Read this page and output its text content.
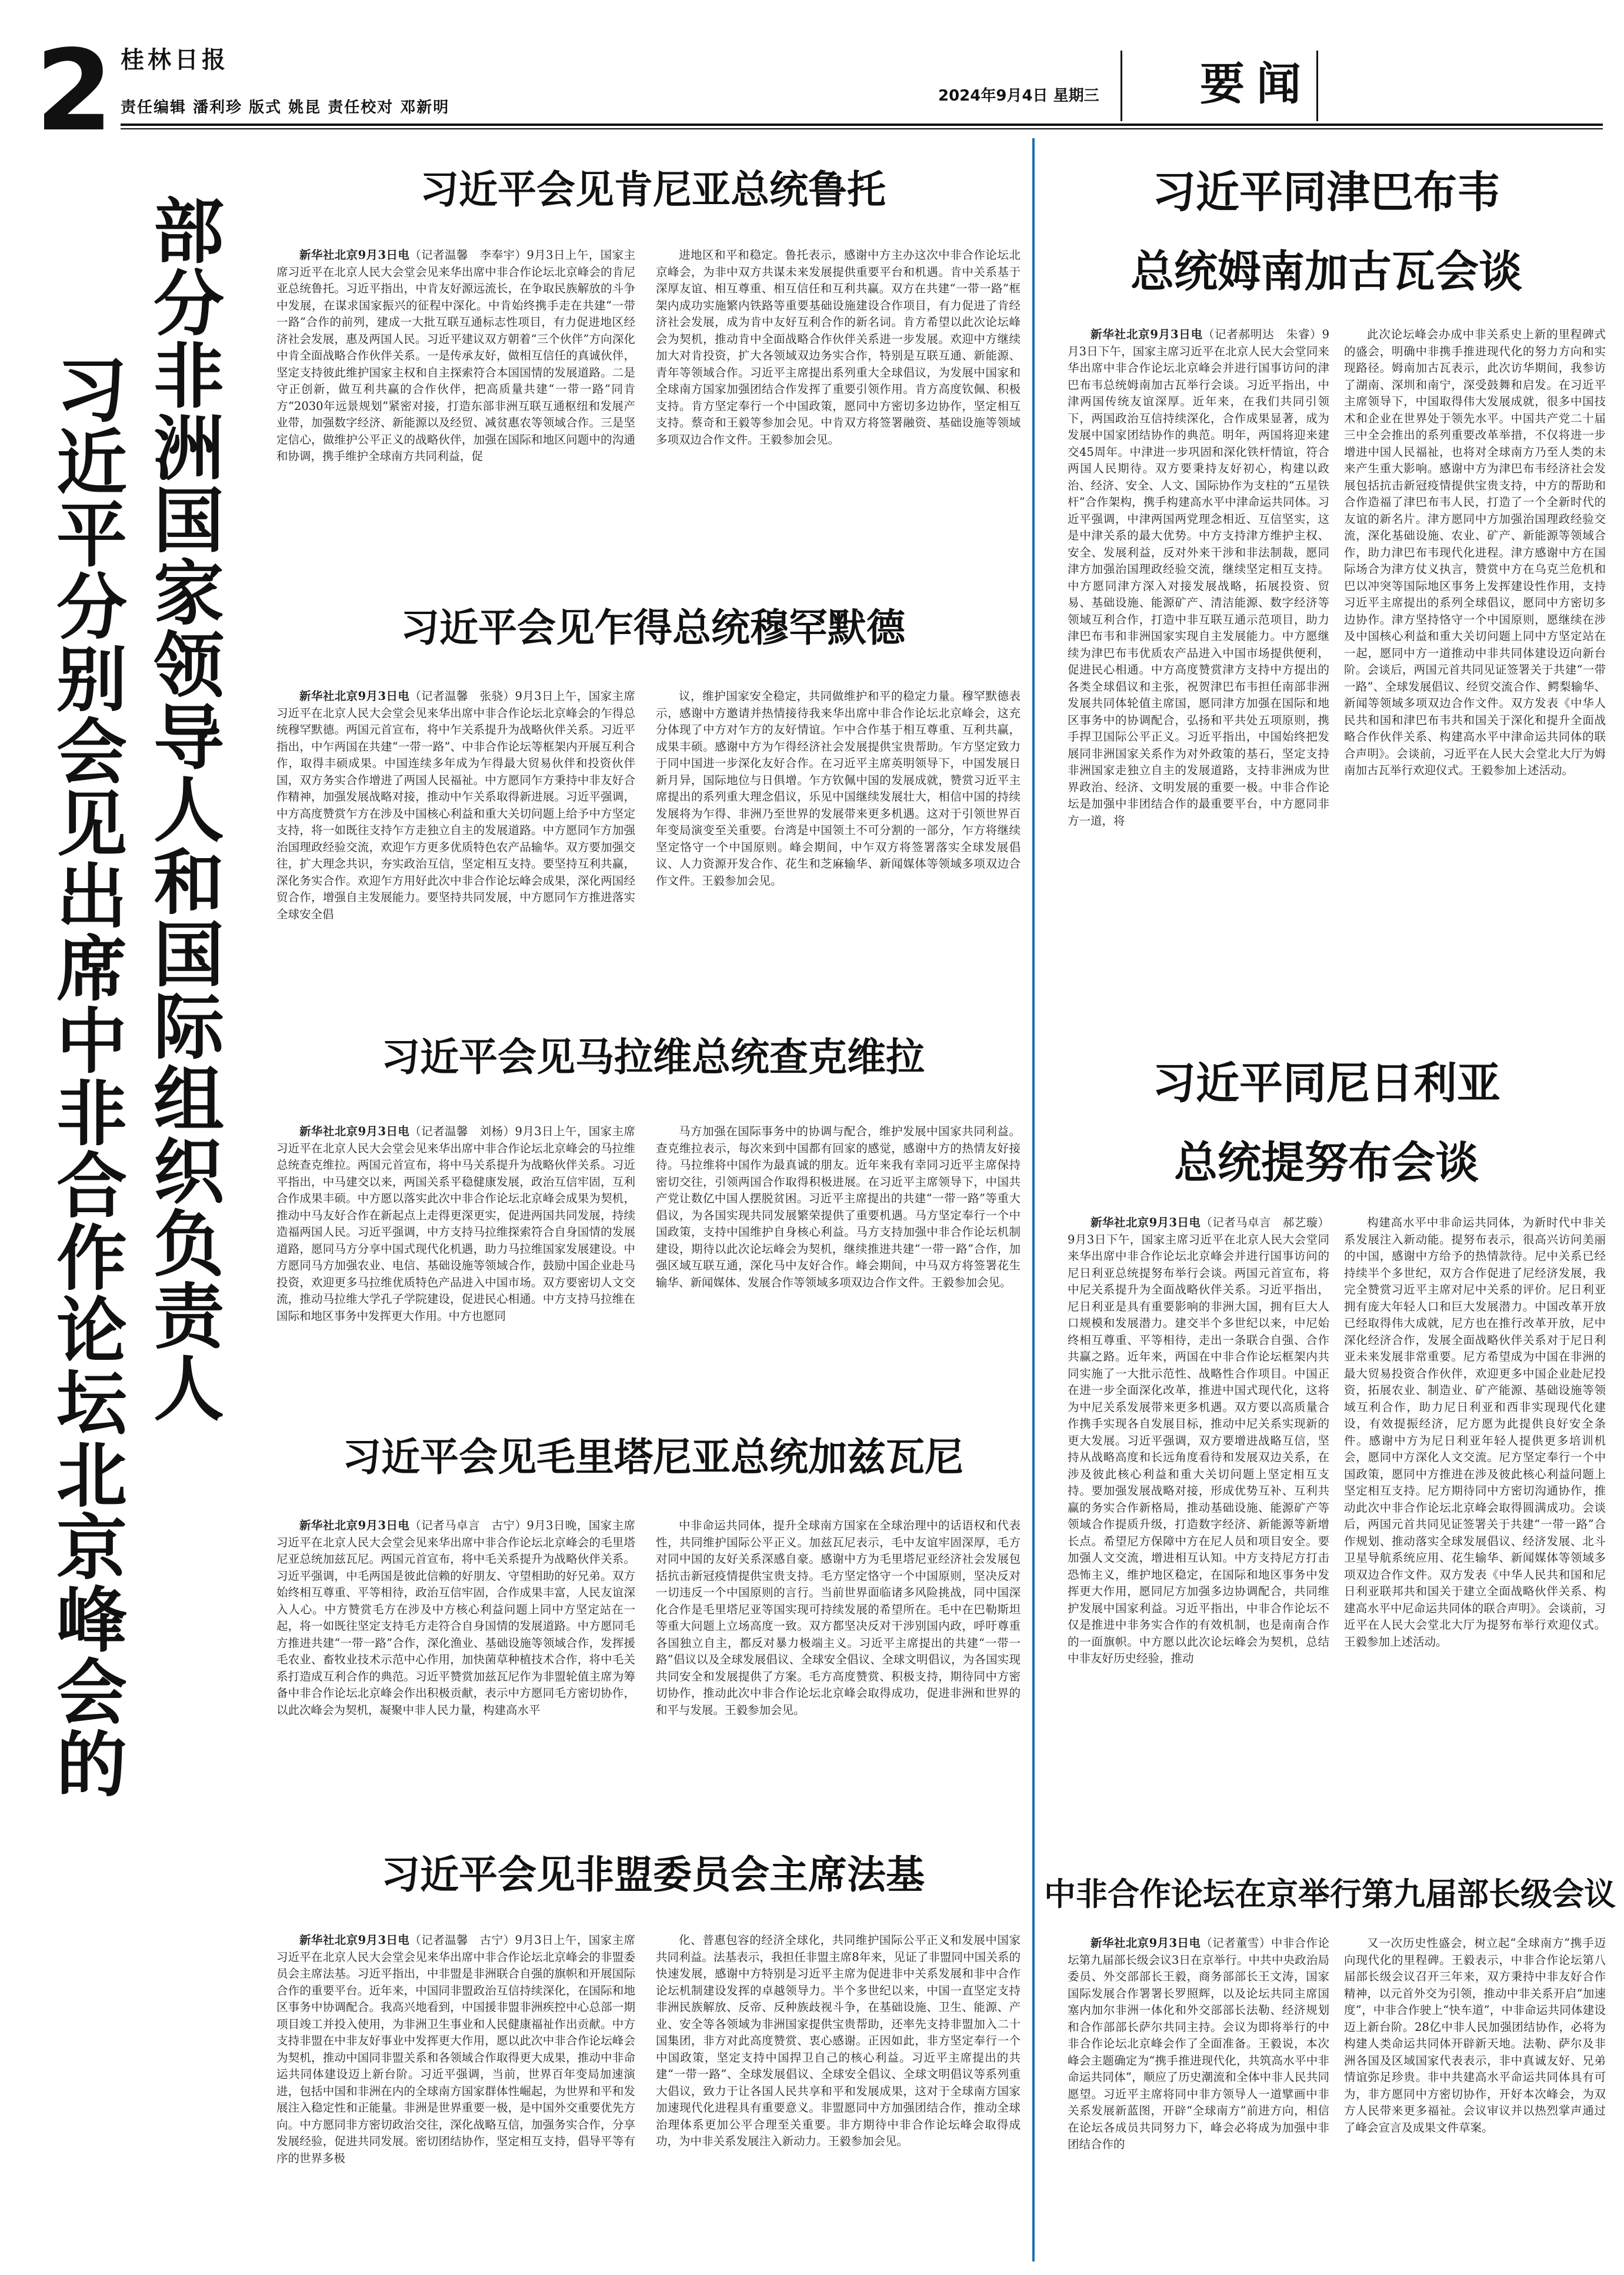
2 桂林日报
责任编辑 潘利珍 版式 姚昆 责任校对 邓新明
2024年9月4日 星期三 要闻
习近平分别会见出席中非合作论坛北京峰会的 部分非洲国家领导人和国际组织负责人
习近平会见肯尼亚总统鲁托
新华社北京9月3日电（记者温馨　李奉宇）9月3日上午，国家主席习近平在北京人民大会堂会见来华出席中非合作论坛北京峰会的肯尼亚总统鲁托。习近平指出，中肯友好源远流长，在争取民族解放的斗争中发展，在谋求国家振兴的征程中深化。中肯始终携手走在共建“一带一路”合作的前列，建成一大批互联互通标志性项目，有力促进地区经济社会发展，惠及两国人民。习近平建议双方朝着“三个伙伴”方向深化中肯全面战略合作伙伴关系。一是传承友好，做相互信任的真诚伙伴，坚定支持彼此维护国家主权和自主探索符合本国国情的发展道路。二是守正创新，做互利共赢的合作伙伴，把高质量共建“一带一路”同肯方“2030年远景规划”紧密对接，打造东部非洲互联互通枢纽和发展产业带，加强数字经济、新能源以及经贸、减贫惠农等领域合作。三是坚定信心，做维护公平正义的战略伙伴，加强在国际和地区问题中的沟通和协调，携手维护全球南方共同利益，促
进地区和平和稳定。鲁托表示，感谢中方主办这次中非合作论坛北京峰会，为非中双方共谋未来发展提供重要平台和机遇。肯中关系基于深厚友谊、相互尊重、相互信任和互利共赢。双方在共建“一带一路”框架内成功实施繁内铁路等重要基础设施建设合作项目，有力促进了肯经济社会发展，成为肯中友好互利合作的新名词。肯方希望以此次论坛峰会为契机，推动肯中全面战略合作伙伴关系进一步发展。欢迎中方继续加大对肯投资，扩大各领域双边务实合作，特别是互联互通、新能源、青年等领域合作。习近平主席提出系列重大全球倡议，为发展中国家和全球南方国家加强团结合作发挥了重要引领作用。肯方高度钦佩、积极支持。肯方坚定奉行一个中国政策，愿同中方密切多边协作，坚定相互支持。蔡奇和王毅等参加会见。中肯双方将签署融资、基础设施等领域多项双边合作文件。王毅参加会见。
习近平会见乍得总统穆罕默德
新华社北京9月3日电（记者温馨　张骁）9月3日上午，国家主席习近平在北京人民大会堂会见来华出席中非合作论坛北京峰会的乍得总统穆罕默德。两国元首宣布，将中乍关系提升为战略伙伴关系。习近平指出，中乍两国在共建“一带一路”、中非合作论坛等框架内开展互利合作，取得丰硕成果。中国连续多年成为乍得最大贸易伙伴和投资伙伴国，双方务实合作增进了两国人民福祉。中方愿同乍方秉持中非友好合作精神，加强发展战略对接，推动中乍关系取得新进展。习近平强调，中方高度赞赏乍方在涉及中国核心利益和重大关切问题上给予中方坚定支持，将一如既往支持乍方走独立自主的发展道路。中方愿同乍方加强治国理政经验交流，欢迎乍方更多优质特色农产品输华。双方要加强交往，扩大理念共识，夯实政治互信，坚定相互支持。要坚持互利共赢，深化务实合作。欢迎乍方用好此次中非合作论坛峰会成果，深化两国经贸合作，增强自主发展能力。要坚持共同发展，中方愿同乍方推进落实全球安全倡
议，维护国家安全稳定，共同做维护和平的稳定力量。穆罕默德表示，感谢中方邀请并热情接待我来华出席中非合作论坛北京峰会，这充分体现了中方对乍方的友好情谊。乍中合作基于相互尊重、互利共赢，成果丰硕。感谢中方为乍得经济社会发展提供宝贵帮助。乍方坚定致力于同中国进一步深化友好合作。在习近平主席英明领导下，中国发展日新月异，国际地位与日俱增。乍方钦佩中国的发展成就，赞赏习近平主席提出的系列重大理念倡议，乐见中国继续发展壮大，相信中国的持续发展将为乍得、非洲乃至世界的发展带来更多机遇。这对于引领世界百年变局演变至关重要。台湾是中国领土不可分割的一部分，乍方将继续坚定恪守一个中国原则。峰会期间，中乍双方将签署落实全球发展倡议、人力资源开发合作、花生和芝麻输华、新闻媒体等领域多项双边合作文件。王毅参加会见。
习近平会见马拉维总统查克维拉
新华社北京9月3日电（记者温馨　刘杨）9月3日上午，国家主席习近平在北京人民大会堂会见来华出席中非合作论坛北京峰会的马拉维总统查克维拉。两国元首宣布，将中马关系提升为战略伙伴关系。习近平指出，中马建交以来，两国关系平稳健康发展，政治互信牢固，互利合作成果丰硕。中方愿以落实此次中非合作论坛北京峰会成果为契机，推动中马友好合作在新起点上走得更深更实，促进两国共同发展，持续造福两国人民。习近平强调，中方支持马拉维探索符合自身国情的发展道路，愿同马方分享中国式现代化机遇，助力马拉维国家发展建设。中方愿同马方加强农业、电信、基础设施等领域合作，鼓励中国企业赴马投资，欢迎更多马拉维优质特色产品进入中国市场。双方要密切人文交流，推动马拉维大学孔子学院建设，促进民心相通。中方支持马拉维在国际和地区事务中发挥更大作用。中方也愿同
马方加强在国际事务中的协调与配合，维护发展中国家共同利益。查克维拉表示，每次来到中国都有回家的感觉，感谢中方的热情友好接待。马拉维将中国作为最真诚的朋友。近年来我有幸同习近平主席保持密切交往，引领两国合作取得积极进展。在习近平主席领导下，中国共产党让数亿中国人摆脱贫困。习近平主席提出的共建“一带一路”等重大倡议，为各国实现共同发展繁荣提供了重要机遇。马方坚定奉行一个中国政策，支持中国维护自身核心利益。马方支持加强中非合作论坛机制建设，期待以此次论坛峰会为契机，继续推进共建“一带一路”合作，加强区域互联互通，深化马中友好合作。峰会期间，中马双方将签署花生输华、新闻媒体、发展合作等领域多项双边合作文件。王毅参加会见。
习近平会见毛里塔尼亚总统加兹瓦尼
新华社北京9月3日电（记者马卓言　古宁）9月3日晚，国家主席习近平在北京人民大会堂会见来华出席中非合作论坛北京峰会的毛里塔尼亚总统加兹瓦尼。两国元首宣布，将中毛关系提升为战略伙伴关系。习近平强调，中毛两国是彼此信赖的好朋友、守望相助的好兄弟。双方始终相互尊重、平等相待，政治互信牢固，合作成果丰富，人民友谊深入人心。中方赞赏毛方在涉及中方核心利益问题上同中方坚定站在一起，将一如既往坚定支持毛方走符合自身国情的发展道路。中方愿同毛方推进共建“一带一路”合作，深化渔业、基础设施等领域合作，发挥援毛农业、畜牧业技术示范中心作用，加快菌草种植技术合作，将中毛关系打造成互利合作的典范。习近平赞赏加兹瓦尼作为非盟轮值主席为筹备中非合作论坛北京峰会作出积极贡献，表示中方愿同毛方密切协作，以此次峰会为契机，凝聚中非人民力量，构建高水平
中非命运共同体，提升全球南方国家在全球治理中的话语权和代表性，共同维护国际公平正义。加兹瓦尼表示，毛中友谊牢固深厚，毛方对同中国的友好关系深感自豪。感谢中方为毛里塔尼亚经济社会发展包括抗击新冠疫情提供宝贵支持。毛方坚定恪守一个中国原则，坚决反对一切违反一个中国原则的言行。当前世界面临诸多风险挑战，同中国深化合作是毛里塔尼亚等国实现可持续发展的希望所在。毛中在巴勒斯坦等重大问题上立场高度一致。双方都坚决反对干涉别国内政，呼吁尊重各国独立自主，都反对暴力极端主义。习近平主席提出的共建“一带一路”倡议以及全球发展倡议、全球安全倡议、全球文明倡议，为各国实现共同安全和发展提供了方案。毛方高度赞赏、积极支持，期待同中方密切协作，推动此次中非合作论坛北京峰会取得成功，促进非洲和世界的和平与发展。王毅参加会见。
习近平会见非盟委员会主席法基
新华社北京9月3日电（记者温馨　古宁）9月3日上午，国家主席习近平在北京人民大会堂会见来华出席中非合作论坛北京峰会的非盟委员会主席法基。习近平指出，中非盟是非洲联合自强的旗帜和开展国际合作的重要平台。近年来，中国同非盟政治互信持续深化，在国际和地区事务中协调配合。我高兴地看到，中国援非盟非洲疾控中心总部一期项目竣工并投入使用，为非洲卫生事业和人民健康福祉作出贡献。中方支持非盟在中非友好事业中发挥更大作用，愿以此次中非合作论坛峰会为契机，推动中国同非盟关系和各领域合作取得更大成果，推动中非命运共同体建设迈上新台阶。习近平强调，当前，世界百年变局加速演进，包括中国和非洲在内的全球南方国家群体性崛起，为世界和平和发展注入稳定性和正能量。非洲是世界重要一极，是中国外交重要优先方向。中方愿同非方密切政治交往，深化战略互信，加强务实合作，分享发展经验，促进共同发展。密切团结协作，坚定相互支持，倡导平等有序的世界多极
化、普惠包容的经济全球化，共同维护国际公平正义和发展中国家共同利益。法基表示，我担任非盟主席8年来，见证了非盟同中国关系的快速发展，感谢中方特别是习近平主席为促进非中关系发展和非中合作论坛机制建设发挥的卓越领导力。半个多世纪以来，中国一直坚定支持非洲民族解放、反帝、反种族歧视斗争，在基础设施、卫生、能源、产业、安全等各领域为非洲国家提供宝贵帮助，还率先支持非盟加入二十国集团，非方对此高度赞赏、衷心感谢。正因如此，非方坚定奉行一个中国政策，坚定支持中国捍卫自己的核心利益。习近平主席提出的共建“一带一路”、全球发展倡议、全球安全倡议、全球文明倡议等系列重大倡议，致力于让各国人民共享和平和发展成果，这对于全球南方国家加速现代化进程具有重要意义。非盟愿同中方加强团结合作，推动全球治理体系更加公平合理至关重要。非方期待中非合作论坛峰会取得成功，为中非关系发展注入新动力。王毅参加会见。
习近平同津巴布韦
总统姆南加古瓦会谈
新华社北京9月3日电（记者郝明达　朱睿）9月3日下午，国家主席习近平在北京人民大会堂同来华出席中非合作论坛北京峰会并进行国事访问的津巴布韦总统姆南加古瓦举行会谈。习近平指出，中津两国传统友谊深厚。近年来，在我们共同引领下，两国政治互信持续深化，合作成果显著，成为发展中国家团结协作的典范。明年，两国将迎来建交45周年。中津进一步巩固和深化铁杆情谊，符合两国人民期待。双方要秉持友好初心，构建以政治、经济、安全、人文、国际协作为支柱的“五星铁杆”合作架构，携手构建高水平中津命运共同体。习近平强调，中津两国两党理念相近、互信坚实，这是中津关系的最大优势。中方支持津方维护主权、安全、发展利益，反对外来干涉和非法制裁，愿同津方加强治国理政经验交流，继续坚定相互支持。中方愿同津方深入对接发展战略，拓展投资、贸易、基础设施、能源矿产、清洁能源、数字经济等领域互利合作，打造中非互联互通示范项目，助力津巴布韦和非洲国家实现自主发展能力。中方愿继续为津巴布韦优质农产品进入中国市场提供便利，促进民心相通。中方高度赞赏津方支持中方提出的各类全球倡议和主张，祝贺津巴布韦担任南部非洲发展共同体轮值主席国，愿同津方加强在国际和地区事务中的协调配合，弘扬和平共处五项原则，携手捍卫国际公平正义。习近平指出，中国始终把发展同非洲国家关系作为对外政策的基石，坚定支持非洲国家走独立自主的发展道路，支持非洲成为世界政治、经济、文明发展的重要一极。中非合作论坛是加强中非团结合作的最重要平台，中方愿同非方一道，将
此次论坛峰会办成中非关系史上新的里程碑式的盛会，明确中非携手推进现代化的努力方向和实现路径。姆南加古瓦表示，此次访华期间，我参访了湖南、深圳和南宁，深受鼓舞和启发。在习近平主席领导下，中国取得伟大发展成就，很多中国技术和企业在世界处于领先水平。中国共产党二十届三中全会推出的系列重要改革举措，不仅将进一步增进中国人民福祉，也将对全球南方乃至人类的未来产生重大影响。感谢中方为津巴布韦经济社会发展包括抗击新冠疫情提供宝贵支持，中方的帮助和合作造福了津巴布韦人民，打造了一个全新时代的友谊的新名片。津方愿同中方加强治国理政经验交流，深化基础设施、农业、矿产、新能源等领域合作，助力津巴布韦现代化进程。津方感谢中方在国际场合为津方仗义执言，赞赏中方在乌克兰危机和巴以冲突等国际地区事务上发挥建设性作用，支持习近平主席提出的系列全球倡议，愿同中方密切多边协作。津方坚持恪守一个中国原则，愿继续在涉及中国核心利益和重大关切问题上同中方坚定站在一起，愿同中方一道推动中非共同体建设迈向新台阶。会谈后，两国元首共同见证签署关于共建“一带一路”、全球发展倡议、经贸交流合作、鳄梨输华、新闻等领域多项双边合作文件。双方发表《中华人民共和国和津巴布韦共和国关于深化和提升全面战略合作伙伴关系、构建高水平中津命运共同体的联合声明》。会谈前，习近平在人民大会堂北大厅为姆南加古瓦举行欢迎仪式。王毅参加上述活动。
习近平同尼日利亚
总统提努布会谈
新华社北京9月3日电（记者马卓言　郝艺璇）9月3日下午，国家主席习近平在北京人民大会堂同来华出席中非合作论坛北京峰会并进行国事访问的尼日利亚总统提努布举行会谈。两国元首宣布，将中尼关系提升为全面战略伙伴关系。习近平指出，尼日利亚是具有重要影响的非洲大国，拥有巨大人口规模和发展潜力。建交半个多世纪以来，中尼始终相互尊重、平等相待，走出一条联合自强、合作共赢之路。近年来，两国在中非合作论坛框架内共同实施了一大批示范性、战略性合作项目。中国正在进一步全面深化改革，推进中国式现代化，这将为中尼关系发展带来更多机遇。双方要以高质量合作携手实现各自发展目标，推动中尼关系实现新的更大发展。习近平强调，双方要增进战略互信，坚持从战略高度和长远角度看待和发展双边关系，在涉及彼此核心利益和重大关切问题上坚定相互支持。要加强发展战略对接，形成优势互补、互利共赢的务实合作新格局，推动基础设施、能源矿产等领域合作提质升级，打造数字经济、新能源等新增长点。希望尼方保障中方在尼人员和项目安全。要加强人文交流，增进相互认知。中方支持尼方打击恐怖主义，维护地区稳定，在国际和地区事务中发挥更大作用，愿同尼方加强多边协调配合，共同维护发展中国家利益。习近平指出，中非合作论坛不仅是推进中非务实合作的有效机制，也是南南合作的一面旗帜。中方愿以此次论坛峰会为契机，总结中非友好历史经验，推动
构建高水平中非命运共同体，为新时代中非关系发展注入新动能。提努布表示，很高兴访问美丽的中国，感谢中方给予的热情款待。尼中关系已经持续半个多世纪，双方合作促进了尼经济发展，我完全赞赏习近平主席对尼中关系的评价。尼日利亚拥有庞大年轻人口和巨大发展潜力。中国改革开放已经取得伟大成就，尼方也在推行改革开放，尼中深化经济合作，发展全面战略伙伴关系对于尼日利亚未来发展非常重要。尼方希望成为中国在非洲的最大贸易投资合作伙伴，欢迎更多中国企业赴尼投资，拓展农业、制造业、矿产能源、基础设施等领域互利合作，助力尼日利亚和西非实现现代化建设，有效提振经济，尼方愿为此提供良好安全条件。感谢中方为尼日利亚年轻人提供更多培训机会，愿同中方深化人文交流。尼方坚定奉行一个中国政策，愿同中方推进在涉及彼此核心利益问题上坚定相互支持。尼方期待同中方密切沟通协作，推动此次中非合作论坛北京峰会取得圆满成功。会谈后，两国元首共同见证签署关于共建“一带一路”合作规划、推动落实全球发展倡议、经济发展、北斗卫星导航系统应用、花生输华、新闻媒体等领域多项双边合作文件。双方发表《中华人民共和国和尼日利亚联邦共和国关于建立全面战略伙伴关系、构建高水平中尼命运共同体的联合声明》。会谈前，习近平在人民大会堂北大厅为提努布举行欢迎仪式。王毅参加上述活动。
中非合作论坛在京举行第九届部长级会议
新华社北京9月3日电（记者董雪）中非合作论坛第九届部长级会议3日在京举行。中共中央政治局委员、外交部部长王毅，商务部部长王文涛，国家国际发展合作署署长罗照辉，以及论坛共同主席国塞内加尔非洲一体化和外交部部长法勒、经济规划和合作部部长萨尔共同主持。会议为即将举行的中非合作论坛北京峰会作了全面准备。王毅说，本次峰会主题确定为“携手推进现代化，共筑高水平中非命运共同体”，顺应了历史潮流和全体中非人民共同愿望。习近平主席将同中非方领导人一道擘画中非关系发展新蓝图，开辟“全球南方”前进方向，相信在论坛各成员共同努力下，峰会必将成为加强中非团结合作的
又一次历史性盛会，树立起“全球南方”携手迈向现代化的里程碑。王毅表示，中非合作论坛第八届部长级会议召开三年来，双方秉持中非友好合作精神，以元首外交为引领，推动中非关系开启“加速度”，中非合作驶上“快车道”，中非命运共同体建设迈上新台阶。28亿中非人民加强团结协作，必将为构建人类命运共同体开辟新天地。法勒、萨尔及非洲各国及区域国家代表表示，非中真诚友好、兄弟情谊弥足珍贵。非中共建高水平命运共同体具有可为，非方愿同中方密切协作，开好本次峰会，为双方人民带来更多福祉。会议审议并以热烈掌声通过了峰会宣言及成果文件草案。
